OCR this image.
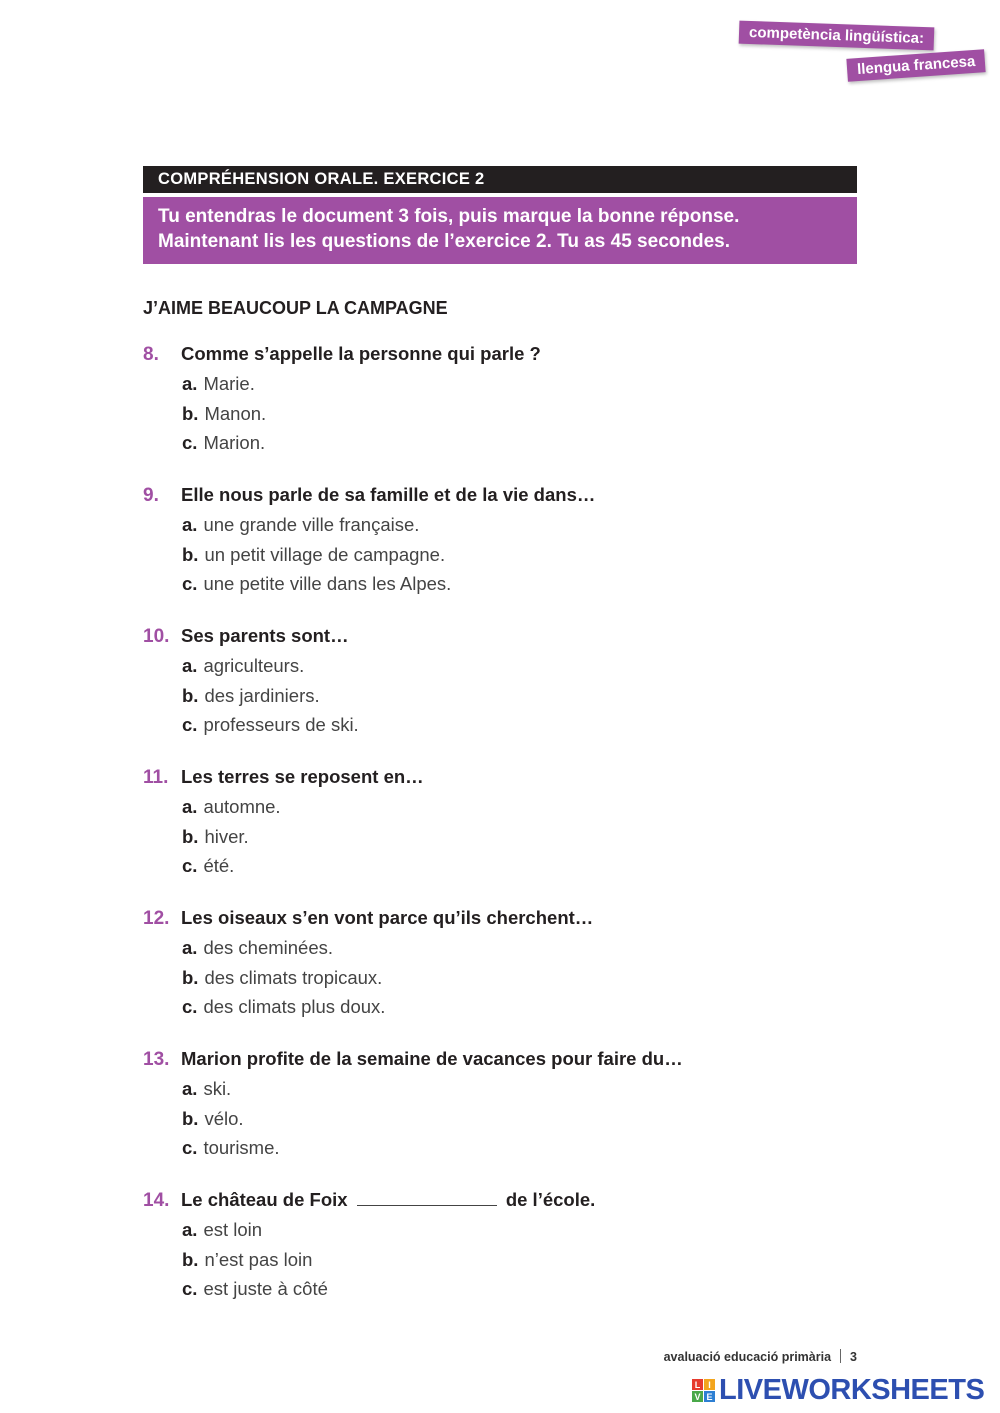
competència lingüística:
llengua francesa
COMPRÉHENSION ORALE. EXERCICE 2
Tu entendras le document 3 fois, puis marque la bonne réponse.
Maintenant lis les questions de l’exercice 2. Tu as 45 secondes.
J’AIME BEAUCOUP LA CAMPAGNE
8.	Comme s’appelle la personne qui parle ?
a. Marie.
b. Manon.
c. Marion.
9.	Elle nous parle de sa famille et de la vie dans…
a. une grande ville française.
b. un petit village de campagne.
c. une petite ville dans les Alpes.
10. Ses parents sont…
a. agriculteurs.
b. des jardiniers.
c. professeurs de ski.
11. Les terres se reposent en…
a. automne.
b. hiver.
c. été.
12. Les oiseaux s’en vont parce qu’ils cherchent…
a. des cheminées.
b. des climats tropicaux.
c. des climats plus doux.
13. Marion profite de la semaine de vacances pour faire du…
a. ski.
b. vélo.
c. tourisme.
14. Le château de Foix	de l’école.
a. est loin
b. n’est pas loin
c. est juste à côté
avaluació educació primària 3
L I
V E LIVEWORKSHEETS
